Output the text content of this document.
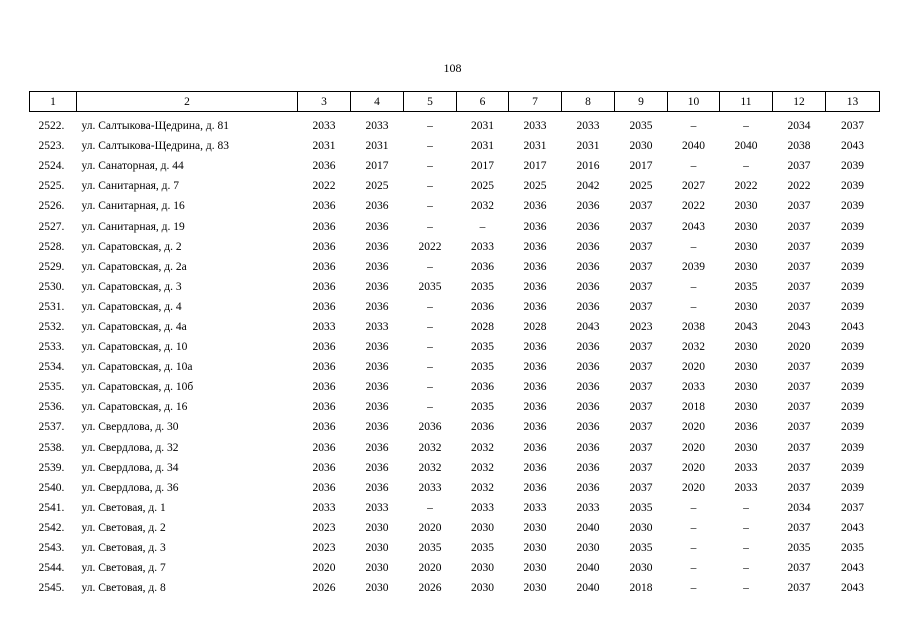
108
1	2	3	4	5	6	7	8	9	10	11	12	13
2522.	ул. Салтыкова-Щедрина, д. 81	2033	2033	–	2031	2033	2033	2035	–	–	2034	2037
2523.	ул. Салтыкова-Щедрина, д. 83	2031	2031	–	2031	2031	2031	2030	2040	2040	2038	2043
2524.	ул. Санаторная, д. 44	2036	2017	–	2017	2017	2016	2017	–	–	2037	2039
2525.	ул. Санитарная, д. 7	2022	2025	–	2025	2025	2042	2025	2027	2022	2022	2039
2526.	ул. Санитарная, д. 16	2036	2036	–	2032	2036	2036	2037	2022	2030	2037	2039
2527.	ул. Санитарная, д. 19	2036	2036	–	–	2036	2036	2037	2043	2030	2037	2039
2528.	ул. Саратовская, д. 2	2036	2036	2022	2033	2036	2036	2037	–	2030	2037	2039
2529.	ул. Саратовская, д. 2а	2036	2036	–	2036	2036	2036	2037	2039	2030	2037	2039
2530.	ул. Саратовская, д. 3	2036	2036	2035	2035	2036	2036	2037	–	2035	2037	2039
2531.	ул. Саратовская, д. 4	2036	2036	–	2036	2036	2036	2037	–	2030	2037	2039
2532.	ул. Саратовская, д. 4а	2033	2033	–	2028	2028	2043	2023	2038	2043	2043	2043
2533.	ул. Саратовская, д. 10	2036	2036	–	2035	2036	2036	2037	2032	2030	2020	2039
2534.	ул. Саратовская, д. 10а	2036	2036	–	2035	2036	2036	2037	2020	2030	2037	2039
2535.	ул. Саратовская, д. 10б	2036	2036	–	2036	2036	2036	2037	2033	2030	2037	2039
2536.	ул. Саратовская, д. 16	2036	2036	–	2035	2036	2036	2037	2018	2030	2037	2039
2537.	ул. Свердлова, д. 30	2036	2036	2036	2036	2036	2036	2037	2020	2036	2037	2039
2538.	ул. Свердлова, д. 32	2036	2036	2032	2032	2036	2036	2037	2020	2030	2037	2039
2539.	ул. Свердлова, д. 34	2036	2036	2032	2032	2036	2036	2037	2020	2033	2037	2039
2540.	ул. Свердлова, д. 36	2036	2036	2033	2032	2036	2036	2037	2020	2033	2037	2039
2541.	ул. Световая, д. 1	2033	2033	–	2033	2033	2033	2035	–	–	2034	2037
2542.	ул. Световая, д. 2	2023	2030	2020	2030	2030	2040	2030	–	–	2037	2043
2543.	ул. Световая, д. 3	2023	2030	2035	2035	2030	2030	2035	–	–	2035	2035
2544.	ул. Световая, д. 7	2020	2030	2020	2030	2030	2040	2030	–	–	2037	2043
2545.	ул. Световая, д. 8	2026	2030	2026	2030	2030	2040	2018	–	–	2037	2043
